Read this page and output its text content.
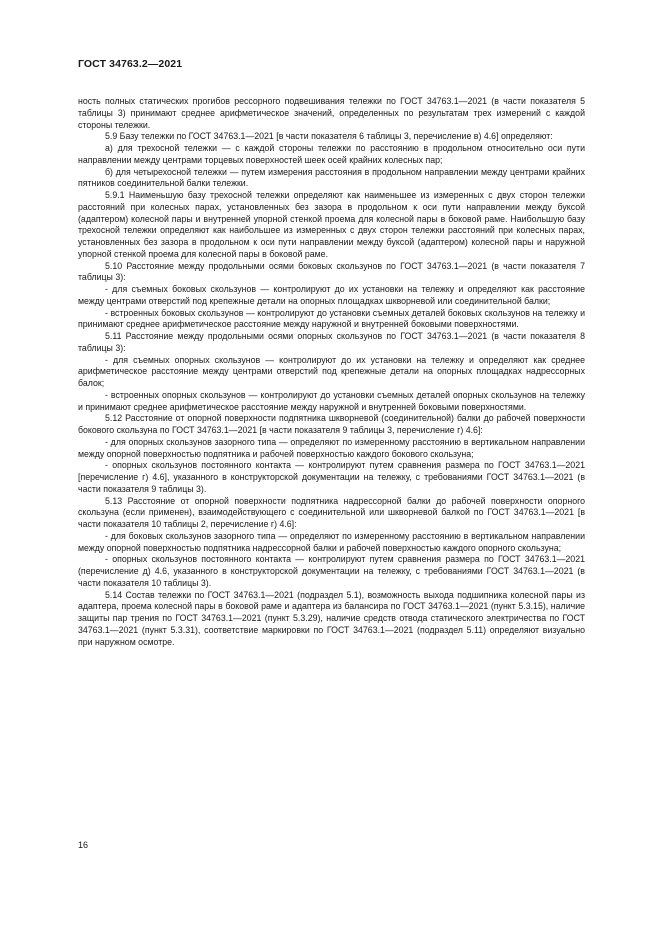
ГОСТ 34763.2—2021

ность полных статических прогибов рессорного подвешивания тележки по ГОСТ 34763.1—2021 (в части показателя 5 таблицы 3) принимают среднее арифметическое значений, определенных по результатам трех измерений с каждой стороны тележки.

5.9 Базу тележки по ГОСТ 34763.1—2021 [в части показателя 6 таблицы 3, перечисление в) 4.6] определяют:

а) для трехосной тележки — с каждой стороны тележки по расстоянию в продольном относительно оси пути направлении между центрами торцевых поверхностей шеек осей крайних колесных пар;

б) для четырехосной тележки — путем измерения расстояния в продольном направлении между центрами крайних пятников соединительной балки тележки.

5.9.1 Наименьшую базу трехосной тележки определяют как наименьшее из измеренных с двух сторон тележки расстояний при колесных парах, установленных без зазора в продольном к оси пути направлении между буксой (адаптером) колесной пары и внутренней упорной стенкой проема для колесной пары в боковой раме. Наибольшую базу трехосной тележки определяют как наибольшее из измеренных с двух сторон тележки расстояний при колесных парах, установленных без зазора в продольном к оси пути направлении между буксой (адаптером) колесной пары и наружной упорной стенкой проема для колесной пары в боковой раме.

5.10 Расстояние между продольными осями боковых скользунов по ГОСТ 34763.1—2021 (в части показателя 7 таблицы 3):

- для съемных боковых скользунов — контролируют до их установки на тележку и определяют как расстояние между центрами отверстий под крепежные детали на опорных площадках шкворневой или соединительной балки;

- встроенных боковых скользунов — контролируют до установки съемных деталей боковых скользунов на тележку и принимают среднее арифметическое расстояние между наружной и внутренней боковыми поверхностями.

5.11 Расстояние между продольными осями опорных скользунов по ГОСТ 34763.1—2021 (в части показателя 8 таблицы 3):

- для съемных опорных скользунов — контролируют до их установки на тележку и определяют как среднее арифметическое расстояние между центрами отверстий под крепежные детали на опорных площадках надрессорных балок;

- встроенных опорных скользунов — контролируют до установки съемных деталей опорных скользунов на тележку и принимают среднее арифметическое расстояние между наружной и внутренней боковыми поверхностями.

5.12 Расстояние от опорной поверхности подпятника шкворневой (соединительной) балки до рабочей поверхности бокового скользуна по ГОСТ 34763.1—2021 [в части показателя 9 таблицы 3, перечисление г) 4.6]:

- для опорных скользунов зазорного типа — определяют по измеренному расстоянию в вертикальном направлении между опорной поверхностью подпятника и рабочей поверхностью каждого бокового скользуна;

- опорных скользунов постоянного контакта — контролируют путем сравнения размера по ГОСТ 34763.1—2021 [перечисление г) 4.6], указанного в конструкторской документации на тележку, с требованиями ГОСТ 34763.1—2021 (в части показателя 9 таблицы 3).

5.13 Расстояние от опорной поверхности подпятника надрессорной балки до рабочей поверхности опорного скользуна (если применен), взаимодействующего с соединительной или шкворневой балкой по ГОСТ 34763.1—2021 [в части показателя 10 таблицы 2, перечисление г) 4.6]:

- для боковых скользунов зазорного типа — определяют по измеренному расстоянию в вертикальном направлении между опорной поверхностью подпятника надрессорной балки и рабочей поверхностью каждого опорного скользуна;

- опорных скользунов постоянного контакта — контролируют путем сравнения размера по ГОСТ 34763.1—2021 (перечисление д) 4.6, указанного в конструкторской документации на тележку, с требованиями ГОСТ 34763.1—2021 (в части показателя 10 таблицы 3).

5.14 Состав тележки по ГОСТ 34763.1—2021 (подраздел 5.1), возможность выхода подшипника колесной пары из адаптера, проема колесной пары в боковой раме и адаптера из балансира по ГОСТ 34763.1—2021 (пункт 5.3.15), наличие защиты пар трения по ГОСТ 34763.1—2021 (пункт 5.3.29), наличие средств отвода статического электричества по ГОСТ 34763.1—2021 (пункт 5.3.31), соответствие маркировки по ГОСТ 34763.1—2021 (подраздел 5.11) определяют визуально при наружном осмотре.

16
